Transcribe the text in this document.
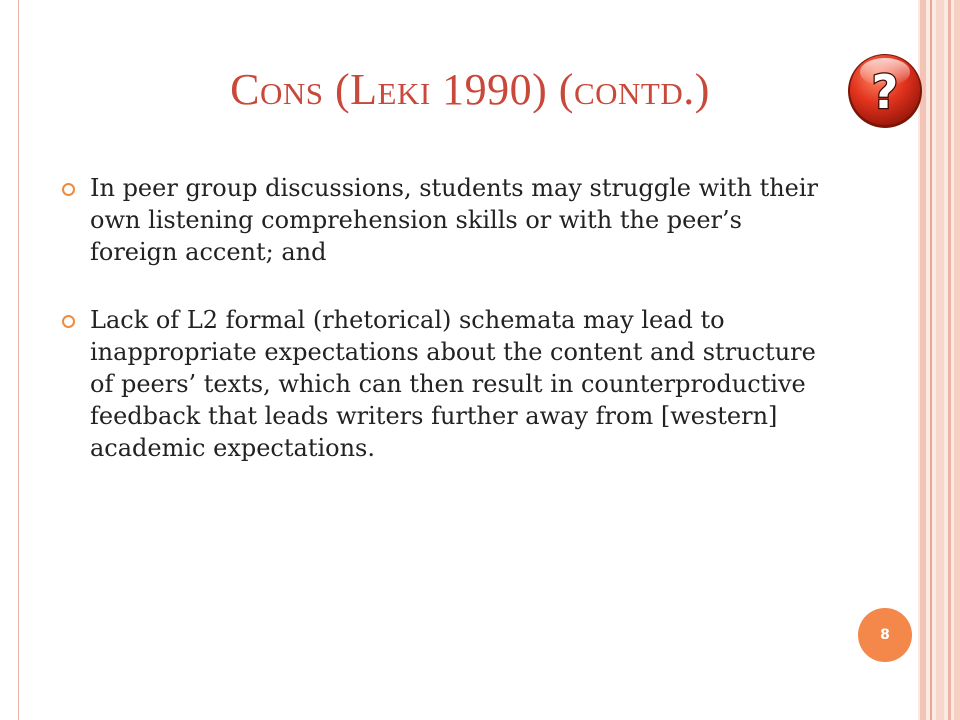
Cons (Leki 1990) (contd.)	?
In peer group discussions, students may struggle with their own listening comprehension skills or with the peer’s foreign accent; and
Lack of L2 formal (rhetorical) schemata may lead to inappropriate expectations about the content and structure of peers’ texts, which can then result in counterproductive feedback that leads writers further away from [western] academic expectations.
8
